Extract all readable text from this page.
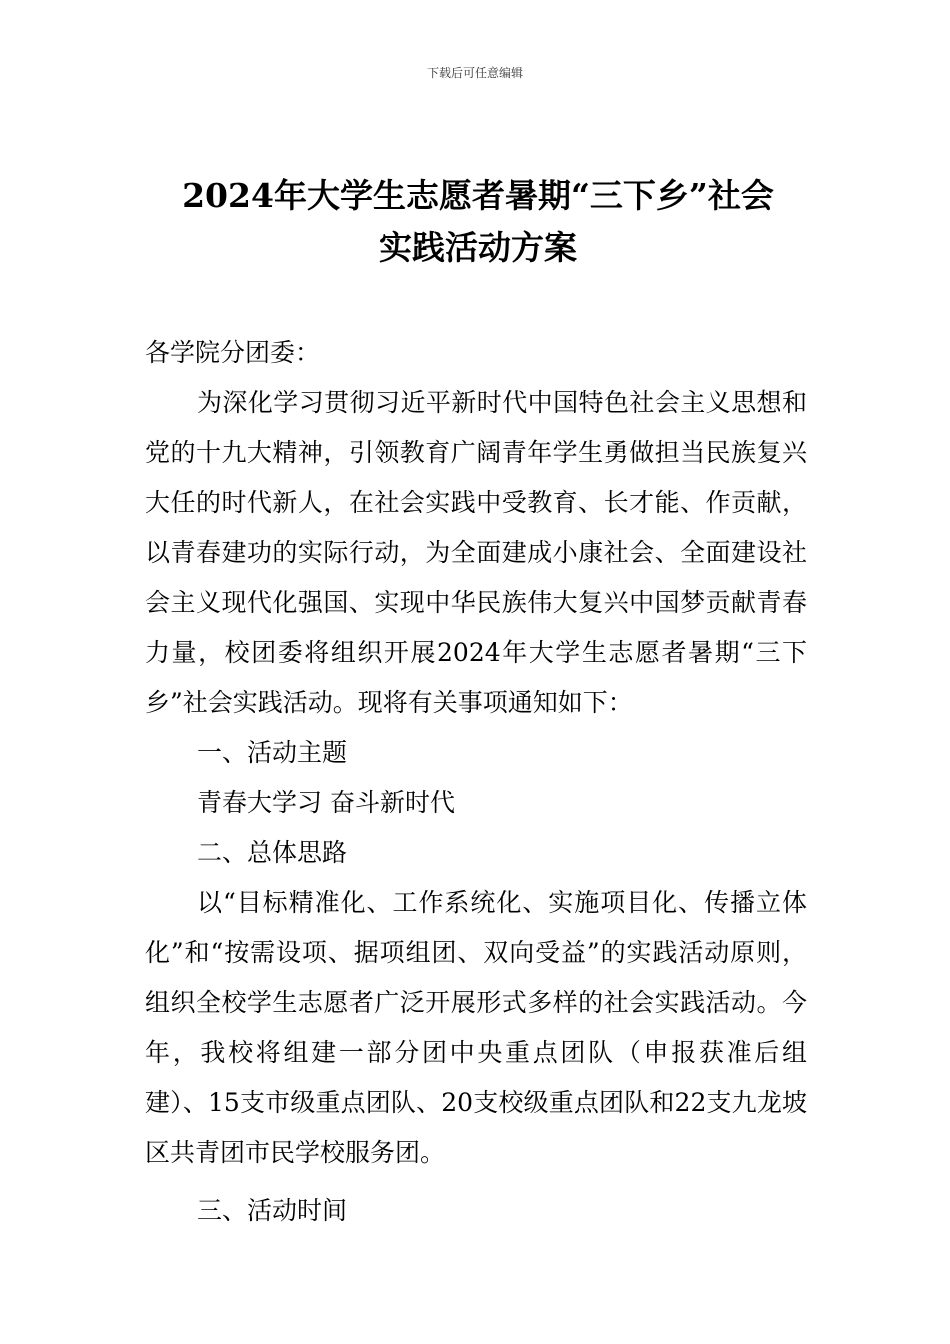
下载后可任意编辑
2024年大学生志愿者暑期“三下乡”社会
实践活动方案

各学院分团委：

为深化学习贯彻习近平新时代中国特色社会主义思想和党的十九大精神，引领教育广阔青年学生勇做担当民族复兴大任的时代新人，在社会实践中受教育、长才能、作贡献，以青春建功的实际行动，为全面建成小康社会、全面建设社会主义现代化强国、实现中华民族伟大复兴中国梦贡献青春力量，校团委将组织开展2024年大学生志愿者暑期“三下乡”社会实践活动。现将有关事项通知如下：

一、活动主题

青春大学习 奋斗新时代

二、总体思路

以“目标精准化、工作系统化、实施项目化、传播立体化”和“按需设项、据项组团、双向受益”的实践活动原则，组织全校学生志愿者广泛开展形式多样的社会实践活动。今年，我校将组建一部分团中央重点团队（申报获准后组建）、15支市级重点团队、20支校级重点团队和22支九龙坡区共青团市民学校服务团。

三、活动时间
